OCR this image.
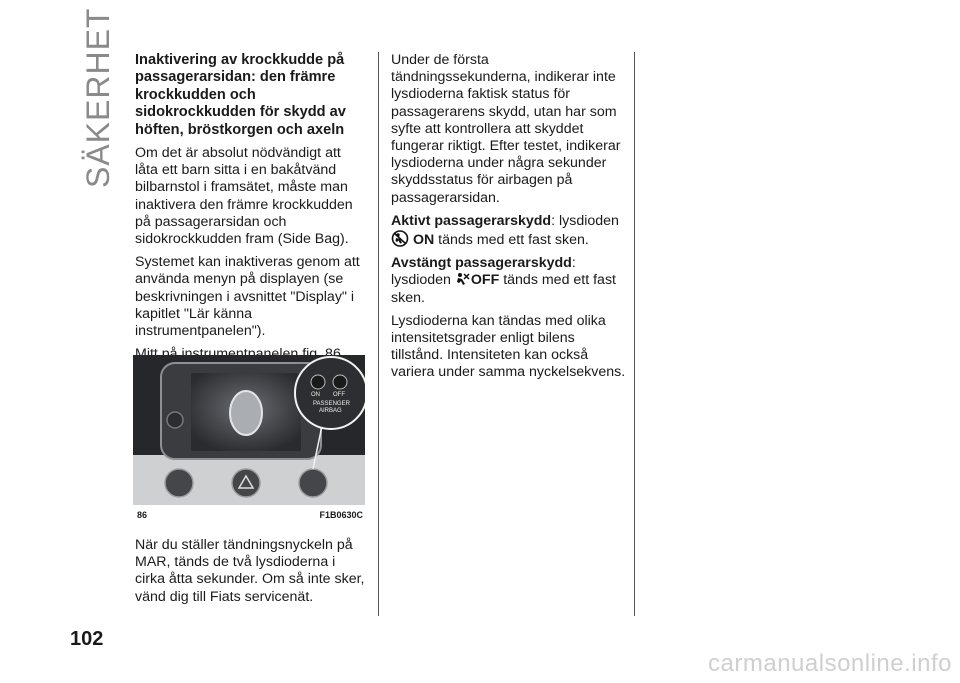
SÄKERHET Inaktivering av krockkudde på passagerarsidan: den främre krockkudden och sidokrockkudden för skydd av höften, bröstkorgen och axeln

Om det är absolut nödvändigt att låta ett barn sitta i en bakåtvänd bilbarnstol i framsätet, måste man inaktivera den främre krockkudden på passagerarsidan och sidokrockkudden fram (Side Bag).

Systemet kan inaktiveras genom att använda menyn på displayen (se beskrivningen i avsnittet "Display" i kapitlet "Lär känna instrumentpanelen").

ON OFF
PASSENGER
AIRBAG
86	F1B0630C
När du ställer tändningsnyckeln på MAR, tänds de två lysdioderna i cirka åtta sekunder. Om så inte sker, vänd dig till Fiats servicenät.

Under de första tändningssekunderna, indikerar inte lysdioderna faktisk status för passagerarens skydd, utan har som syfte att kontrollera att skyddet fungerar riktigt. Efter testet, indikerar lysdioderna under några sekunder skyddsstatus för airbagen på passagerarsidan.

Aktivt passagerarskydd: lysdioden
ON tänds med ett fast sken.

Avstängt passagerarskydd:
lysdioden OFF tänds med ett fast sken.

Lysdioderna kan tändas med olika intensitetsgrader enligt bilens tillstånd. Intensiteten kan också variera under samma nyckelsekvens.

102
carmanualsonline.info
